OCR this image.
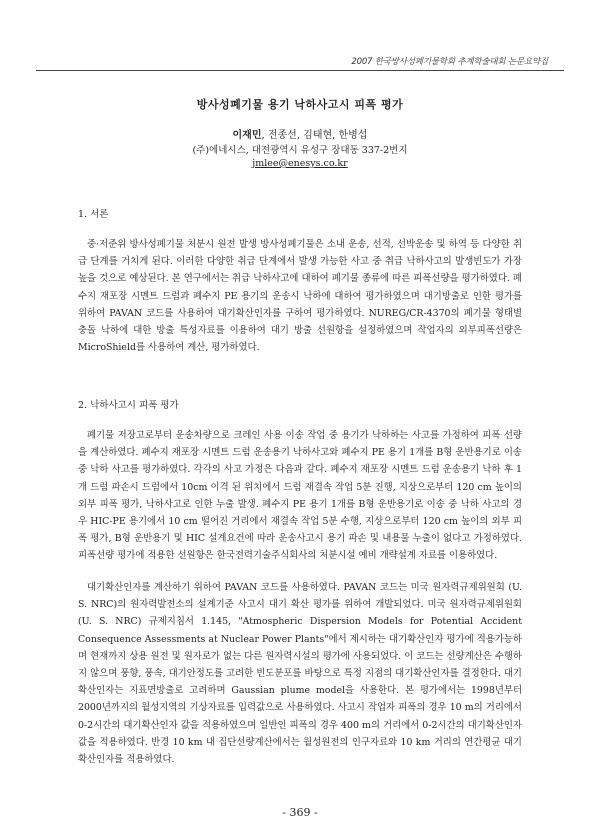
2007 한국방사성폐기물학회 추계학술대회 논문요약집
방사성폐기물 용기 낙하사고시 피폭 평가
이재민, 전종선, 김태현, 한병섭
(주)에네시스, 대전광역시 유성구 장대동 337-2번지
jmlee@enesys.co.kr
1. 서론

중·저준위 방사성폐기물 처분시 원전 발생 방사성폐기물은 소내 운송, 선적, 선박운송 및 하역 등 다양한 취급 단계를 거치게 된다. 이러한 다양한 취급 단계에서 발생 가능한 사고 중 취급 낙하사고의 발생빈도가 가장 높을 것으로 예상된다. 본 연구에서는 취급 낙하사고에 대하여 폐기물 종류에 따른 피폭선량을 평가하였다. 폐수지 재포장 시멘트 드럼과 폐수지 PE 용기의 운송시 낙하에 대하여 평가하였으며 대기방출로 인한 평가를 위하여 PAVAN 코드를 사용하여 대기확산인자를 구하여 평가하였다. NUREG/CR-4370의 폐기물 형태별 충돌 낙하에 대한 방출 특성자료를 이용하여 대기 방출 선원항을 설정하였으며 작업자의 외부피폭선량은 MicroShield를 사용하여 계산, 평가하였다.

2. 낙하사고시 피폭 평가

폐기물 저장고로부터 운송차량으로 크레인 사용 이송 작업 중 용기가 낙하하는 사고를 가정하여 피폭 선량을 계산하였다. 폐수지 재포장 시멘트 드럼 운송용기 낙하사고와 폐수지 PE 용기 1개를 B형 운반용기로 이송 중 낙하 사고를 평가하였다. 각각의 사고 가정은 다음과 같다. 폐수지 재포장 시멘트 드럼 운송용기 낙하 후 1개 드럼 파손시 드럼에서 10cm 이격 된 위치에서 드럼 재결속 작업 5분 진행, 지상으로부터 120 cm 높이의 외부 피폭 평가, 낙하사고로 인한 누출 발생. 폐수지 PE 용기 1개를 B형 운반용기로 이송 중 낙하 사고의 경우 HIC-PE 용기에서 10 cm 떨어진 거리에서 재결속 작업 5분 수행, 지상으로부터 120 cm 높이의 외부 피폭 평가, B형 운반용기 및 HIC 설계요건에 따라 운송사고시 용기 파손 및 내용물 누출이 없다고 가정하였다. 피폭선량 평가에 적용한 선원항은 한국전력기술주식회사의 처분시설 예비 개략설계 자료를 이용하였다.

대기확산인자를 계산하기 위하여 PAVAN 코드를 사용하였다. PAVAN 코드는 미국 원자력규제위원회 (U. S. NRC)의 원자력발전소의 설계기준 사고시 대기 확산 평가를 위하여 개발되었다. 미국 원자력규제위원회 (U. S. NRC) 규제지침서 1.145, "Atmospheric Dispersion Models for Potential Accident Consequence Assessments at Nuclear Power Plants"에서 제시하는 대기확산인자 평가에 적용가능하며 현재까지 상용 원전 및 원자로가 없는 다른 원자력시설의 평가에 사용되었다. 이 코드는 선량계산은 수행하지 않으며 풍향, 풍속, 대기안정도를 고려한 빈도분포를 바탕으로 특정 지점의 대기확산인자를 결정한다. 대기확산인자는 지표면방출로 고려하며 Gaussian plume model을 사용한다. 본 평가에서는 1998년부터 2000년까지의 월성지역의 기상자료를 입력값으로 사용하였다. 사고시 작업자 피폭의 경우 10 m의 거리에서 0-2시간의 대기확산인자 값을 적용하였으며 일반인 피폭의 경우 400 m의 거리에서 0-2시간의 대기확산인자 값을 적용하였다. 반경 10 km 내 집단선량계산에서는 월성원전의 인구자료와 10 km 거리의 연간평균 대기확산인자를 적용하였다.

- 369 -
